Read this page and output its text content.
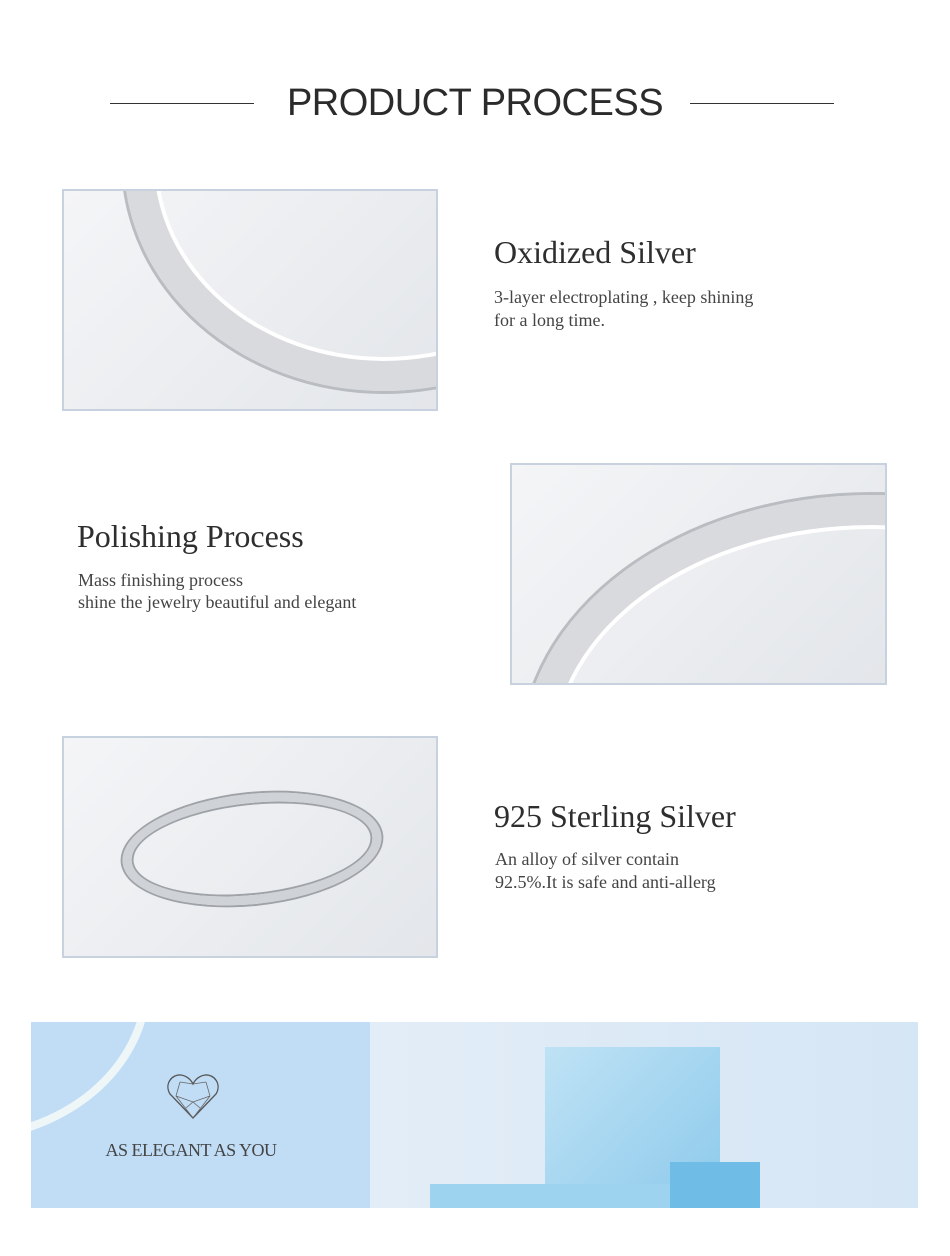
PRODUCT PROCESS
Oxidized Silver
3-layer electroplating , keep shining
for a long time.
Polishing Process
Mass finishing process
shine the jewelry beautiful and elegant
925 Sterling Silver
An alloy of silver contain
92.5%.It is safe and anti-allerg
AS ELEGANT AS YOU
